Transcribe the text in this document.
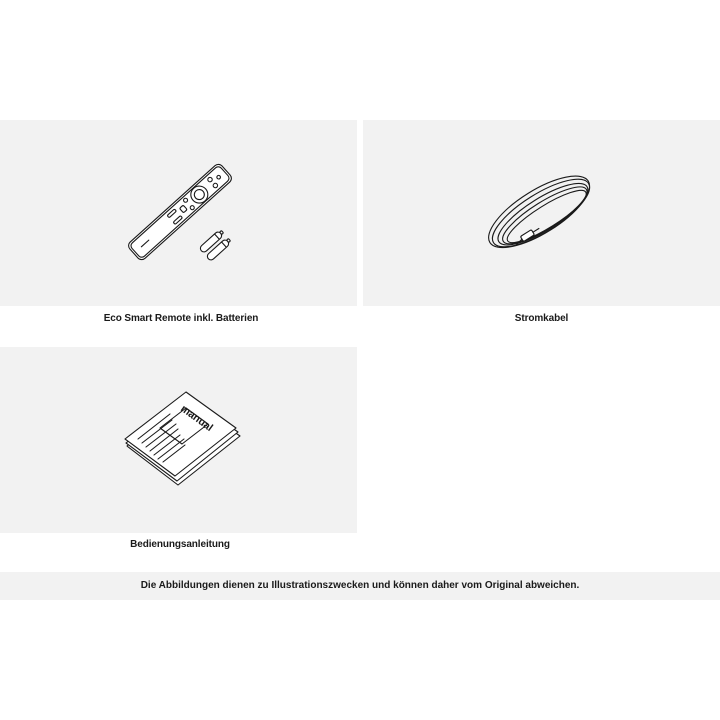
Eco Smart Remote inkl. Batterien	Stromkabel
manual
Bedienungsanleitung
Die Abbildungen dienen zu Illustrationszwecken und können daher vom Original abweichen.
